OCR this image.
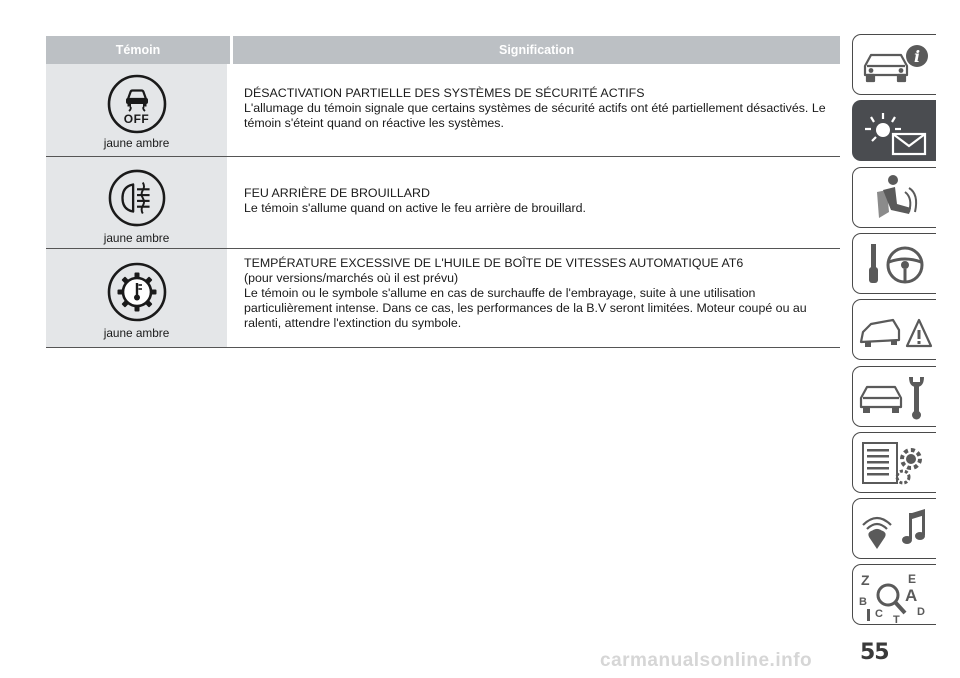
Témoin	Signification
OFF
jaune ambre
DÉSACTIVATION PARTIELLE DES SYSTÈMES DE SÉCURITÉ ACTIFS
L'allumage du témoin signale que certains systèmes de sécurité actifs ont été partiellement désactivés. Le témoin s'éteint quand on réactive les systèmes.
jaune ambre
FEU ARRIÈRE DE BROUILLARD
Le témoin s'allume quand on active le feu arrière de brouillard.
jaune ambre
TEMPÉRATURE EXCESSIVE DE L'HUILE DE BOÎTE DE VITESSES AUTOMATIQUE AT6
(pour versions/marchés où il est prévu)
Le témoin ou le symbole s'allume en cas de surchauffe de l'embrayage, suite à une utilisation particulièrement intense. Dans ce cas, les performances de la B.V seront limitées. Moteur coupé ou au ralenti, attendre l'extinction du symbole.
i
Z	E
A
B
C T
D
55
carmanualsonline.info
